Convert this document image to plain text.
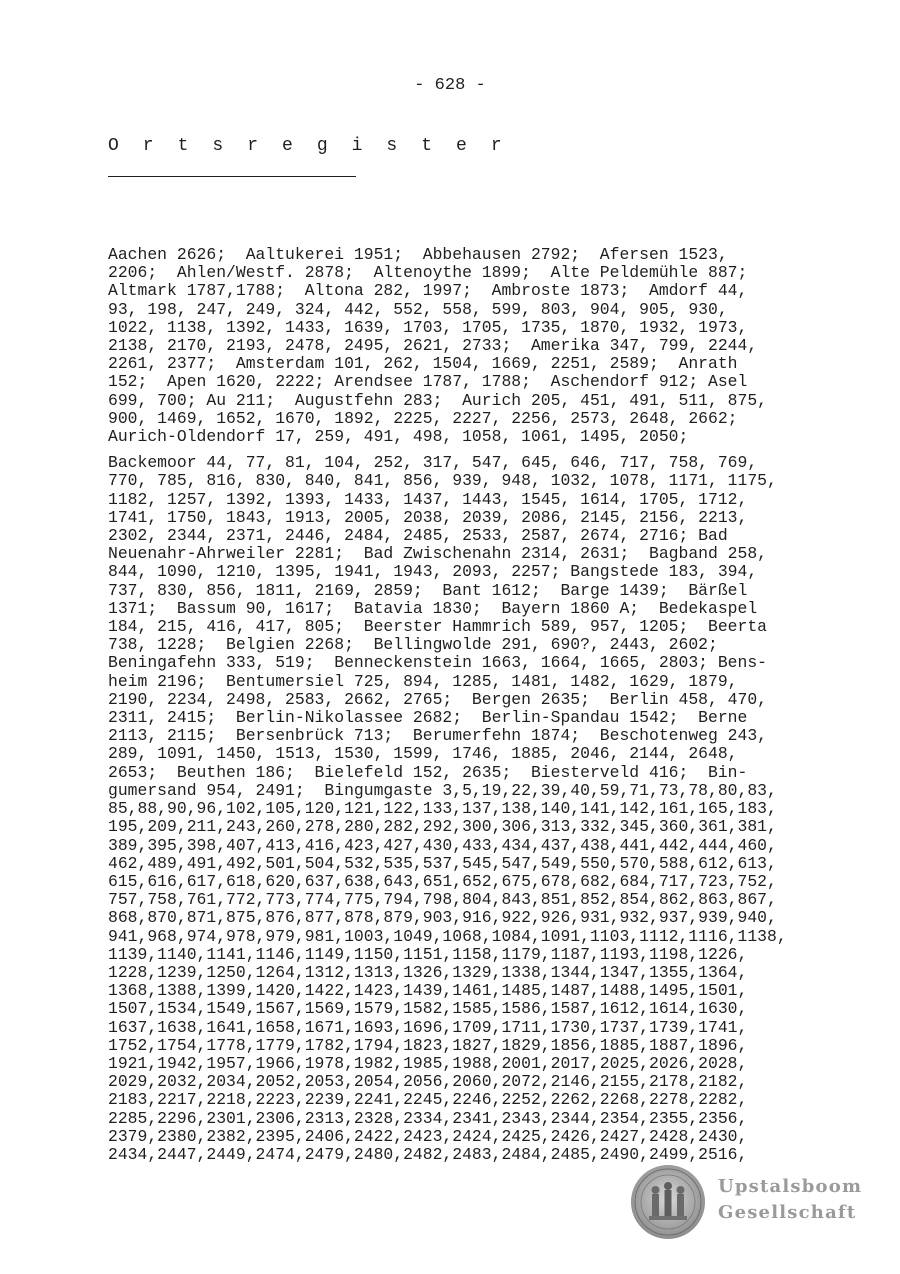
- 628 -
O r t s r e g i s t e r
Aachen 2626;  Aaltukerei 1951;  Abbehausen 2792;  Afersen 1523,
2206;  Ahlen/Westf. 2878;  Altenoythe 1899;  Alte Peldemühle 887;
Altmark 1787,1788;  Altona 282, 1997;  Ambroste 1873;  Amdorf 44,
93, 198, 247, 249, 324, 442, 552, 558, 599, 803, 904, 905, 930,
1022, 1138, 1392, 1433, 1639, 1703, 1705, 1735, 1870, 1932, 1973,
2138, 2170, 2193, 2478, 2495, 2621, 2733;  Amerika 347, 799, 2244,
2261, 2377;  Amsterdam 101, 262, 1504, 1669, 2251, 2589;  Anrath
152;  Apen 1620, 2222; Arendsee 1787, 1788;  Aschendorf 912; Asel
699, 700; Au 211;  Augustfehn 283;  Aurich 205, 451, 491, 511, 875,
900, 1469, 1652, 1670, 1892, 2225, 2227, 2256, 2573, 2648, 2662;
Aurich-Oldendorf 17, 259, 491, 498, 1058, 1061, 1495, 2050;
Backemoor 44, 77, 81, 104, 252, 317, 547, 645, 646, 717, 758, 769,
770, 785, 816, 830, 840, 841, 856, 939, 948, 1032, 1078, 1171, 1175,
1182, 1257, 1392, 1393, 1433, 1437, 1443, 1545, 1614, 1705, 1712,
1741, 1750, 1843, 1913, 2005, 2038, 2039, 2086, 2145, 2156, 2213,
2302, 2344, 2371, 2446, 2484, 2485, 2533, 2587, 2674, 2716; Bad
Neuenahr-Ahrweiler 2281;  Bad Zwischenahn 2314, 2631;  Bagband 258,
844, 1090, 1210, 1395, 1941, 1943, 2093, 2257; Bangstede 183, 394,
737, 830, 856, 1811, 2169, 2859;  Bant 1612;  Barge 1439;  Bärßel
1371;  Bassum 90, 1617;  Batavia 1830;  Bayern 1860 A;  Bedekaspel
184, 215, 416, 417, 805;  Beerster Hammrich 589, 957, 1205;  Beerta
738, 1228;  Belgien 2268;  Bellingwolde 291, 690?, 2443, 2602;
Beningafehn 333, 519;  Benneckenstein 1663, 1664, 1665, 2803; Bens-
heim 2196;  Bentumersiel 725, 894, 1285, 1481, 1482, 1629, 1879,
2190, 2234, 2498, 2583, 2662, 2765;  Bergen 2635;  Berlin 458, 470,
2311, 2415;  Berlin-Nikolassee 2682;  Berlin-Spandau 1542;  Berne
2113, 2115;  Bersenbrück 713;  Berumerfehn 1874;  Beschotenweg 243,
289, 1091, 1450, 1513, 1530, 1599, 1746, 1885, 2046, 2144, 2648,
2653;  Beuthen 186;  Bielefeld 152, 2635;  Biesterveld 416;  Bin-
gumersand 954, 2491;  Bingumgaste 3,5,19,22,39,40,59,71,73,78,80,83,
85,88,90,96,102,105,120,121,122,133,137,138,140,141,142,161,165,183,
195,209,211,243,260,278,280,282,292,300,306,313,332,345,360,361,381,
389,395,398,407,413,416,423,427,430,433,434,437,438,441,442,444,460,
462,489,491,492,501,504,532,535,537,545,547,549,550,570,588,612,613,
615,616,617,618,620,637,638,643,651,652,675,678,682,684,717,723,752,
757,758,761,772,773,774,775,794,798,804,843,851,852,854,862,863,867,
868,870,871,875,876,877,878,879,903,916,922,926,931,932,937,939,940,
941,968,974,978,979,981,1003,1049,1068,1084,1091,1103,1112,1116,1138,
1139,1140,1141,1146,1149,1150,1151,1158,1179,1187,1193,1198,1226,
1228,1239,1250,1264,1312,1313,1326,1329,1338,1344,1347,1355,1364,
1368,1388,1399,1420,1422,1423,1439,1461,1485,1487,1488,1495,1501,
1507,1534,1549,1567,1569,1579,1582,1585,1586,1587,1612,1614,1630,
1637,1638,1641,1658,1671,1693,1696,1709,1711,1730,1737,1739,1741,
1752,1754,1778,1779,1782,1794,1823,1827,1829,1856,1885,1887,1896,
1921,1942,1957,1966,1978,1982,1985,1988,2001,2017,2025,2026,2028,
2029,2032,2034,2052,2053,2054,2056,2060,2072,2146,2155,2178,2182,
2183,2217,2218,2223,2239,2241,2245,2246,2252,2262,2268,2278,2282,
2285,2296,2301,2306,2313,2328,2334,2341,2343,2344,2354,2355,2356,
2379,2380,2382,2395,2406,2422,2423,2424,2425,2426,2427,2428,2430,
2434,2447,2449,2474,2479,2480,2482,2483,2484,2485,2490,2499,2516,
Upstalsboom
Gesellschaft
